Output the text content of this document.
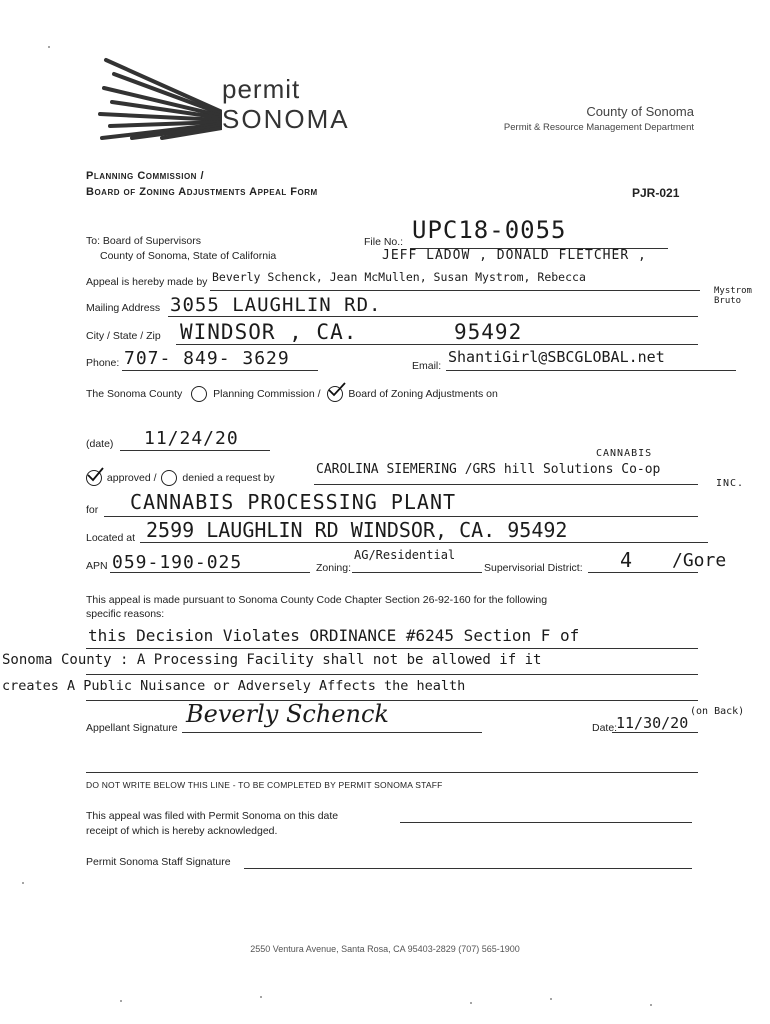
permit
SONOMA	County of Sonoma
Permit & Resource Management Department
Planning Commission /
Board of Zoning Adjustments Appeal Form	PJR-021
To: Board of Supervisors
County of Sonoma, State of California
File No.: UPC18-0055
JEFF LADOW , DONALD FLETCHER ,
Appeal is hereby made by Beverly Schenck, Jean McMullen, Susan Mystrom, Rebecca
Mystrom Bruto
Mailing Address 3055 LAUGHLIN RD.
City / State / Zip WINDSOR , CA.	95492
Phone: 707- 849- 3629	Email: ShantiGirl@SBCGLOBAL.net
The Sonoma County	Planning Commission /	Board of Zoning Adjustments on
(date) 11/24/20
approved / denied a request by
CAROLINA SIEMERING /GRS hill Solutions Co-op
CANNABIS
INC.
for CANNABIS PROCESSING PLANT
Located at 2599 LAUGHLIN RD WINDSOR, CA. 95492
APN 059-190-025	Zoning:
AG/Residential
Supervisorial District: 4 /Gore
This appeal is made pursuant to Sonoma County Code Chapter Section 26-92-160 for the following
specific reasons:
this Decision Violates ORDINANCE #6245 Section F of
Sonoma County : A Processing Facility shall not be allowed if it
creates A Public Nuisance or Adversely Affects the health
Appellant Signature Beverly Schenck	Date:
11/30/20
(on Back)
DO NOT WRITE BELOW THIS LINE - TO BE COMPLETED BY PERMIT SONOMA STAFF
This appeal was filed with Permit Sonoma on this date
receipt of which is hereby acknowledged.
Permit Sonoma Staff Signature
2550 Ventura Avenue, Santa Rosa, CA 95403-2829 (707) 565-1900
